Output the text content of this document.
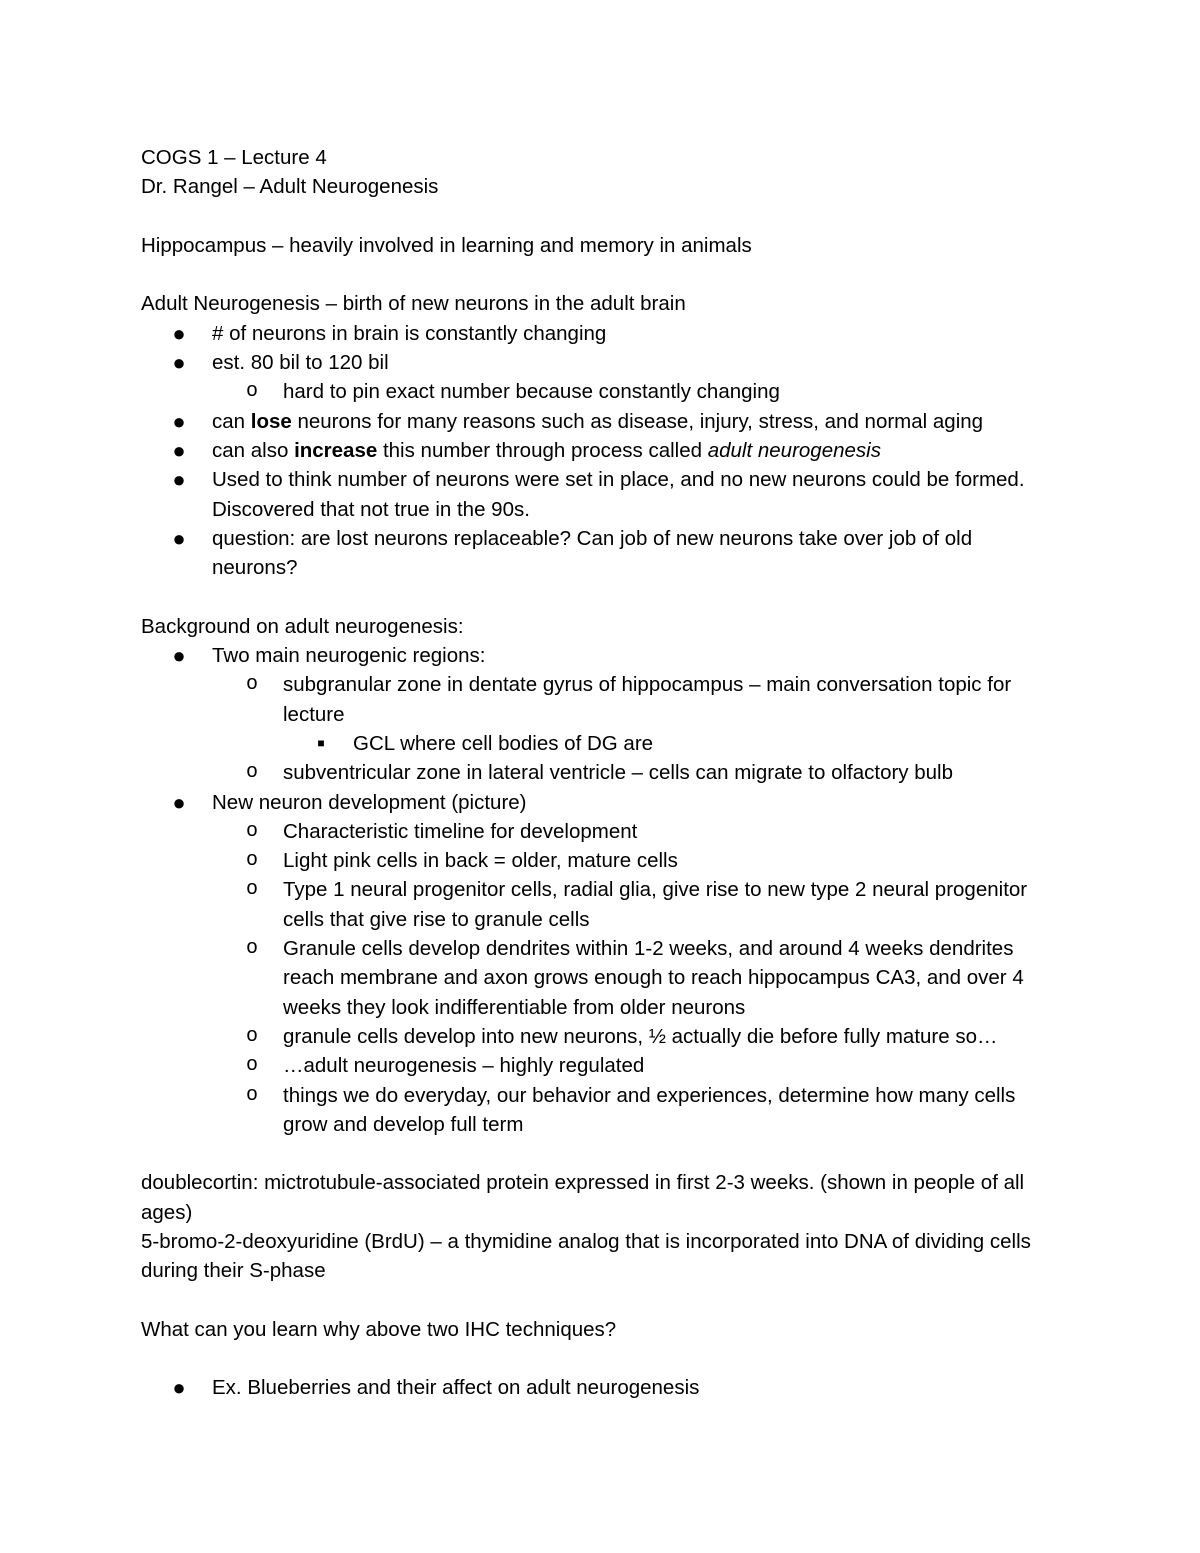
COGS 1 – Lecture 4
Dr. Rangel – Adult Neurogenesis
Hippocampus – heavily involved in learning and memory in animals
Adult Neurogenesis – birth of new neurons in the adult brain
● # of neurons in brain is constantly changing
● est. 80 bil to 120 bil
o hard to pin exact number because constantly changing
● can lose neurons for many reasons such as disease, injury, stress, and normal aging
● can also increase this number through process called adult neurogenesis
● Used to think number of neurons were set in place, and no new neurons could be formed. Discovered that not true in the 90s.
● question: are lost neurons replaceable? Can job of new neurons take over job of old neurons?
Background on adult neurogenesis:
● Two main neurogenic regions:
o subgranular zone in dentate gyrus of hippocampus – main conversation topic for lecture
■	GCL where cell bodies of DG are
o subventricular zone in lateral ventricle – cells can migrate to olfactory bulb
● New neuron development (picture)
o Characteristic timeline for development
o Light pink cells in back = older, mature cells
o Type 1 neural progenitor cells, radial glia, give rise to new type 2 neural progenitor cells that give rise to granule cells
o Granule cells develop dendrites within 1-2 weeks, and around 4 weeks dendrites reach membrane and axon grows enough to reach hippocampus CA3, and over 4 weeks they look indifferentiable from older neurons
o granule cells develop into new neurons, ½ actually die before fully mature so…
o …adult neurogenesis – highly regulated
o things we do everyday, our behavior and experiences, determine how many cells grow and develop full term
doublecortin: mictrotubule-associated protein expressed in first 2-3 weeks. (shown in people of all ages)
5-bromo-2-deoxyuridine (BrdU) – a thymidine analog that is incorporated into DNA of dividing cells during their S-phase
What can you learn why above two IHC techniques?
● Ex. Blueberries and their affect on adult neurogenesis
